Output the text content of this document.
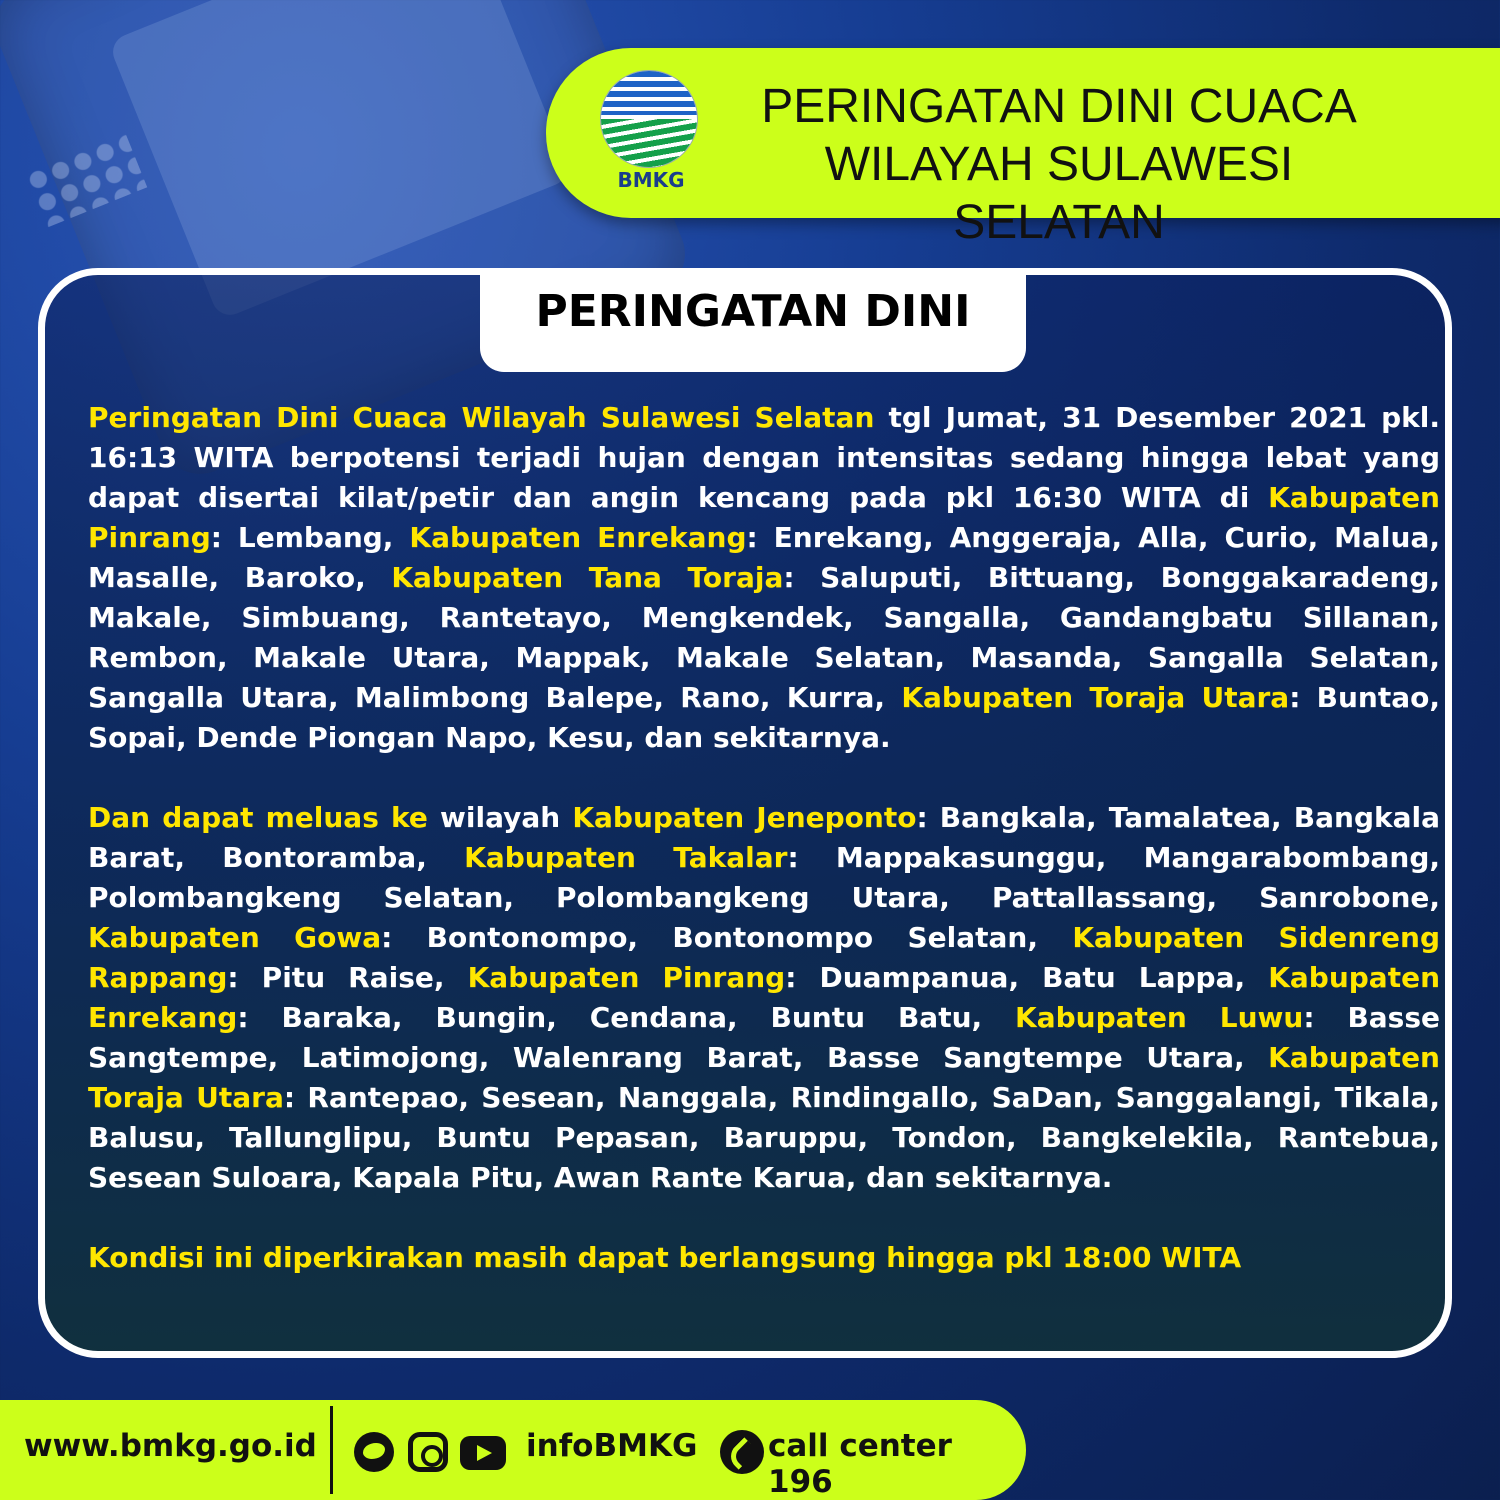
BMKG
PERINGATAN DINI CUACA
WILAYAH SULAWESI SELATAN
PERINGATAN DINI

Peringatan Dini Cuaca Wilayah Sulawesi Selatan tgl Jumat, 31 Desember 2021 pkl. 16:13 WITA berpotensi terjadi hujan dengan intensitas sedang hingga lebat yang dapat disertai kilat/petir dan angin kencang pada pkl 16:30 WITA di Kabupaten Pinrang: Lembang, Kabupaten Enrekang: Enrekang, Anggeraja, Alla, Curio, Malua, Masalle, Baroko, Kabupaten Tana Toraja: Saluputi, Bittuang, Bonggakaradeng, Makale, Simbuang, Rantetayo, Mengkendek, Sangalla, Gandangbatu Sillanan, Rembon, Makale Utara, Mappak, Makale Selatan, Masanda, Sangalla Selatan, Sangalla Utara, Malimbong Balepe, Rano, Kurra, Kabupaten Toraja Utara: Buntao, Sopai, Dende Piongan Napo, Kesu, dan sekitarnya.

Dan dapat meluas ke wilayah Kabupaten Jeneponto: Bangkala, Tamalatea, Bangkala Barat, Bontoramba, Kabupaten Takalar: Mappakasunggu, Mangarabombang, Polombangkeng Selatan, Polombangkeng Utara, Pattallassang, Sanrobone, Kabupaten Gowa: Bontonompo, Bontonompo Selatan, Kabupaten Sidenreng Rappang: Pitu Raise, Kabupaten Pinrang: Duampanua, Batu Lappa, Kabupaten Enrekang: Baraka, Bungin, Cendana, Buntu Batu, Kabupaten Luwu: Basse Sangtempe, Latimojong, Walenrang Barat, Basse Sangtempe Utara, Kabupaten Toraja Utara: Rantepao, Sesean, Nanggala, Rindingallo, SaDan, Sanggalangi, Tikala, Balusu, Tallunglipu, Buntu Pepasan, Baruppu, Tondon, Bangkelekila, Rantebua, Sesean Suloara, Kapala Pitu, Awan Rante Karua, dan sekitarnya.

Kondisi ini diperkirakan masih dapat berlangsung hingga pkl 18:00 WITA

www.bmkg.go.id	infoBMKG call center 196
